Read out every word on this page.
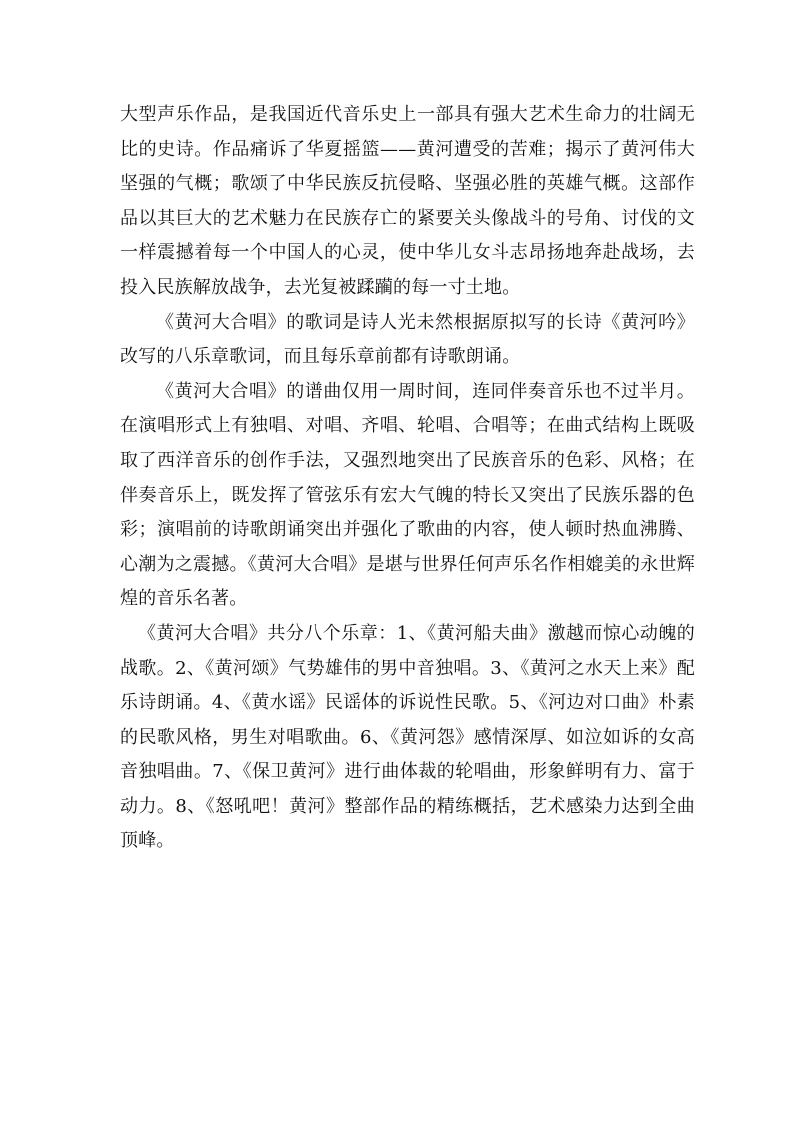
大型声乐作品，是我国近代音乐史上一部具有强大艺术生命力的壮阔无比的史诗。作品痛诉了华夏摇篮——黄河遭受的苦难；揭示了黄河伟大坚强的气概；歌颂了中华民族反抗侵略、坚强必胜的英雄气概。这部作品以其巨大的艺术魅力在民族存亡的紧要关头像战斗的号角、讨伐的文一样震撼着每一个中国人的心灵，使中华儿女斗志昂扬地奔赴战场，去投入民族解放战争，去光复被蹂躏的每一寸土地。

《黄河大合唱》的歌词是诗人光未然根据原拟写的长诗《黄河吟》改写的八乐章歌词，而且每乐章前都有诗歌朗诵。

《黄河大合唱》的谱曲仅用一周时间，连同伴奏音乐也不过半月。在演唱形式上有独唱、对唱、齐唱、轮唱、合唱等；在曲式结构上既吸取了西洋音乐的创作手法，又强烈地突出了民族音乐的色彩、风格；在伴奏音乐上，既发挥了管弦乐有宏大气魄的特长又突出了民族乐器的色彩；演唱前的诗歌朗诵突出并强化了歌曲的内容，使人顿时热血沸腾、心潮为之震撼。《黄河大合唱》是堪与世界任何声乐名作相媲美的永世辉煌的音乐名著。

《黄河大合唱》共分八个乐章：1、《黄河船夫曲》激越而惊心动魄的战歌。2、《黄河颂》气势雄伟的男中音独唱。3、《黄河之水天上来》配乐诗朗诵。4、《黄水谣》民谣体的诉说性民歌。5、《河边对口曲》朴素的民歌风格，男生对唱歌曲。6、《黄河怨》感情深厚、如泣如诉的女高音独唱曲。7、《保卫黄河》进行曲体裁的轮唱曲，形象鲜明有力、富于动力。8、《怒吼吧！黄河》整部作品的精练概括，艺术感染力达到全曲顶峰。
